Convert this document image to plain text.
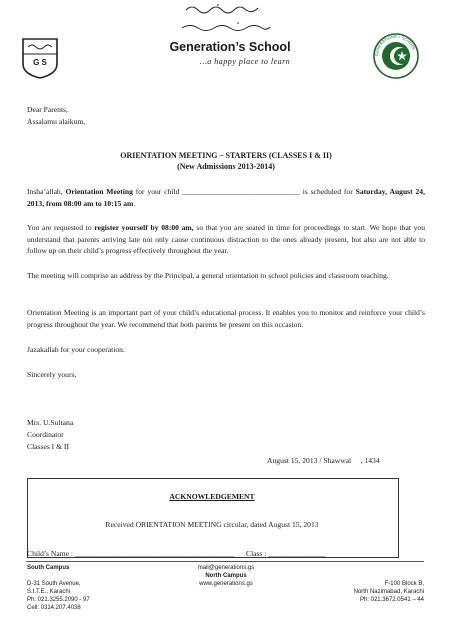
G S
Generation’s School
…a happy place to learn
GENERATIONS ⋆ SCHOOL
Dear Parents,
Assalamu alaikum,
ORIENTATION MEETING – STARTERS (CLASSES I & II)
(New Admissions 2013-2014)
Insha’allah, Orientation Meeting for your child _______________________________ is scheduled for Saturday, August 24, 2013, from 08:00 am to 10:15 am.
You are requested to register yourself by 08:00 am, so that you are seated in time for proceedings to start. We hope that you understand that parents arriving late not only cause continuous distraction to the ones already present, but also are not able to follow up on their child’s progress effectively throughout the year.
The meeting will comprise an address by the Principal, a general orientation to school policies and classroom teaching.
Orientation Meeting is an important part of your child’s educational process. It enables you to monitor and reinforce your child’s progress throughout the year. We recommend that both parents be present on this occasion.
Jazakallah for your cooperation.
Sincerely yours,
Mrs. U.Sultana
Coordinator
Classes I & II
August 15, 2013 / Shawwal     , 1434
ACKNOWLEDGEMENT
Received ORIENTATION MEETING circular, dated August 15, 2013
Child’s Name : __________________________________________ Class : _______________
South Campus
D-31 South Avenue,
S.I.T.E., Karachi
Ph: 021.3255.2090 - 97
Cell: 0314.207.4038
mail@generations.gs
North Campus
www.generations.gs	F-100 Block B,
North Nazimabad, Karachi
Ph: 021.3672.0541 – 44
